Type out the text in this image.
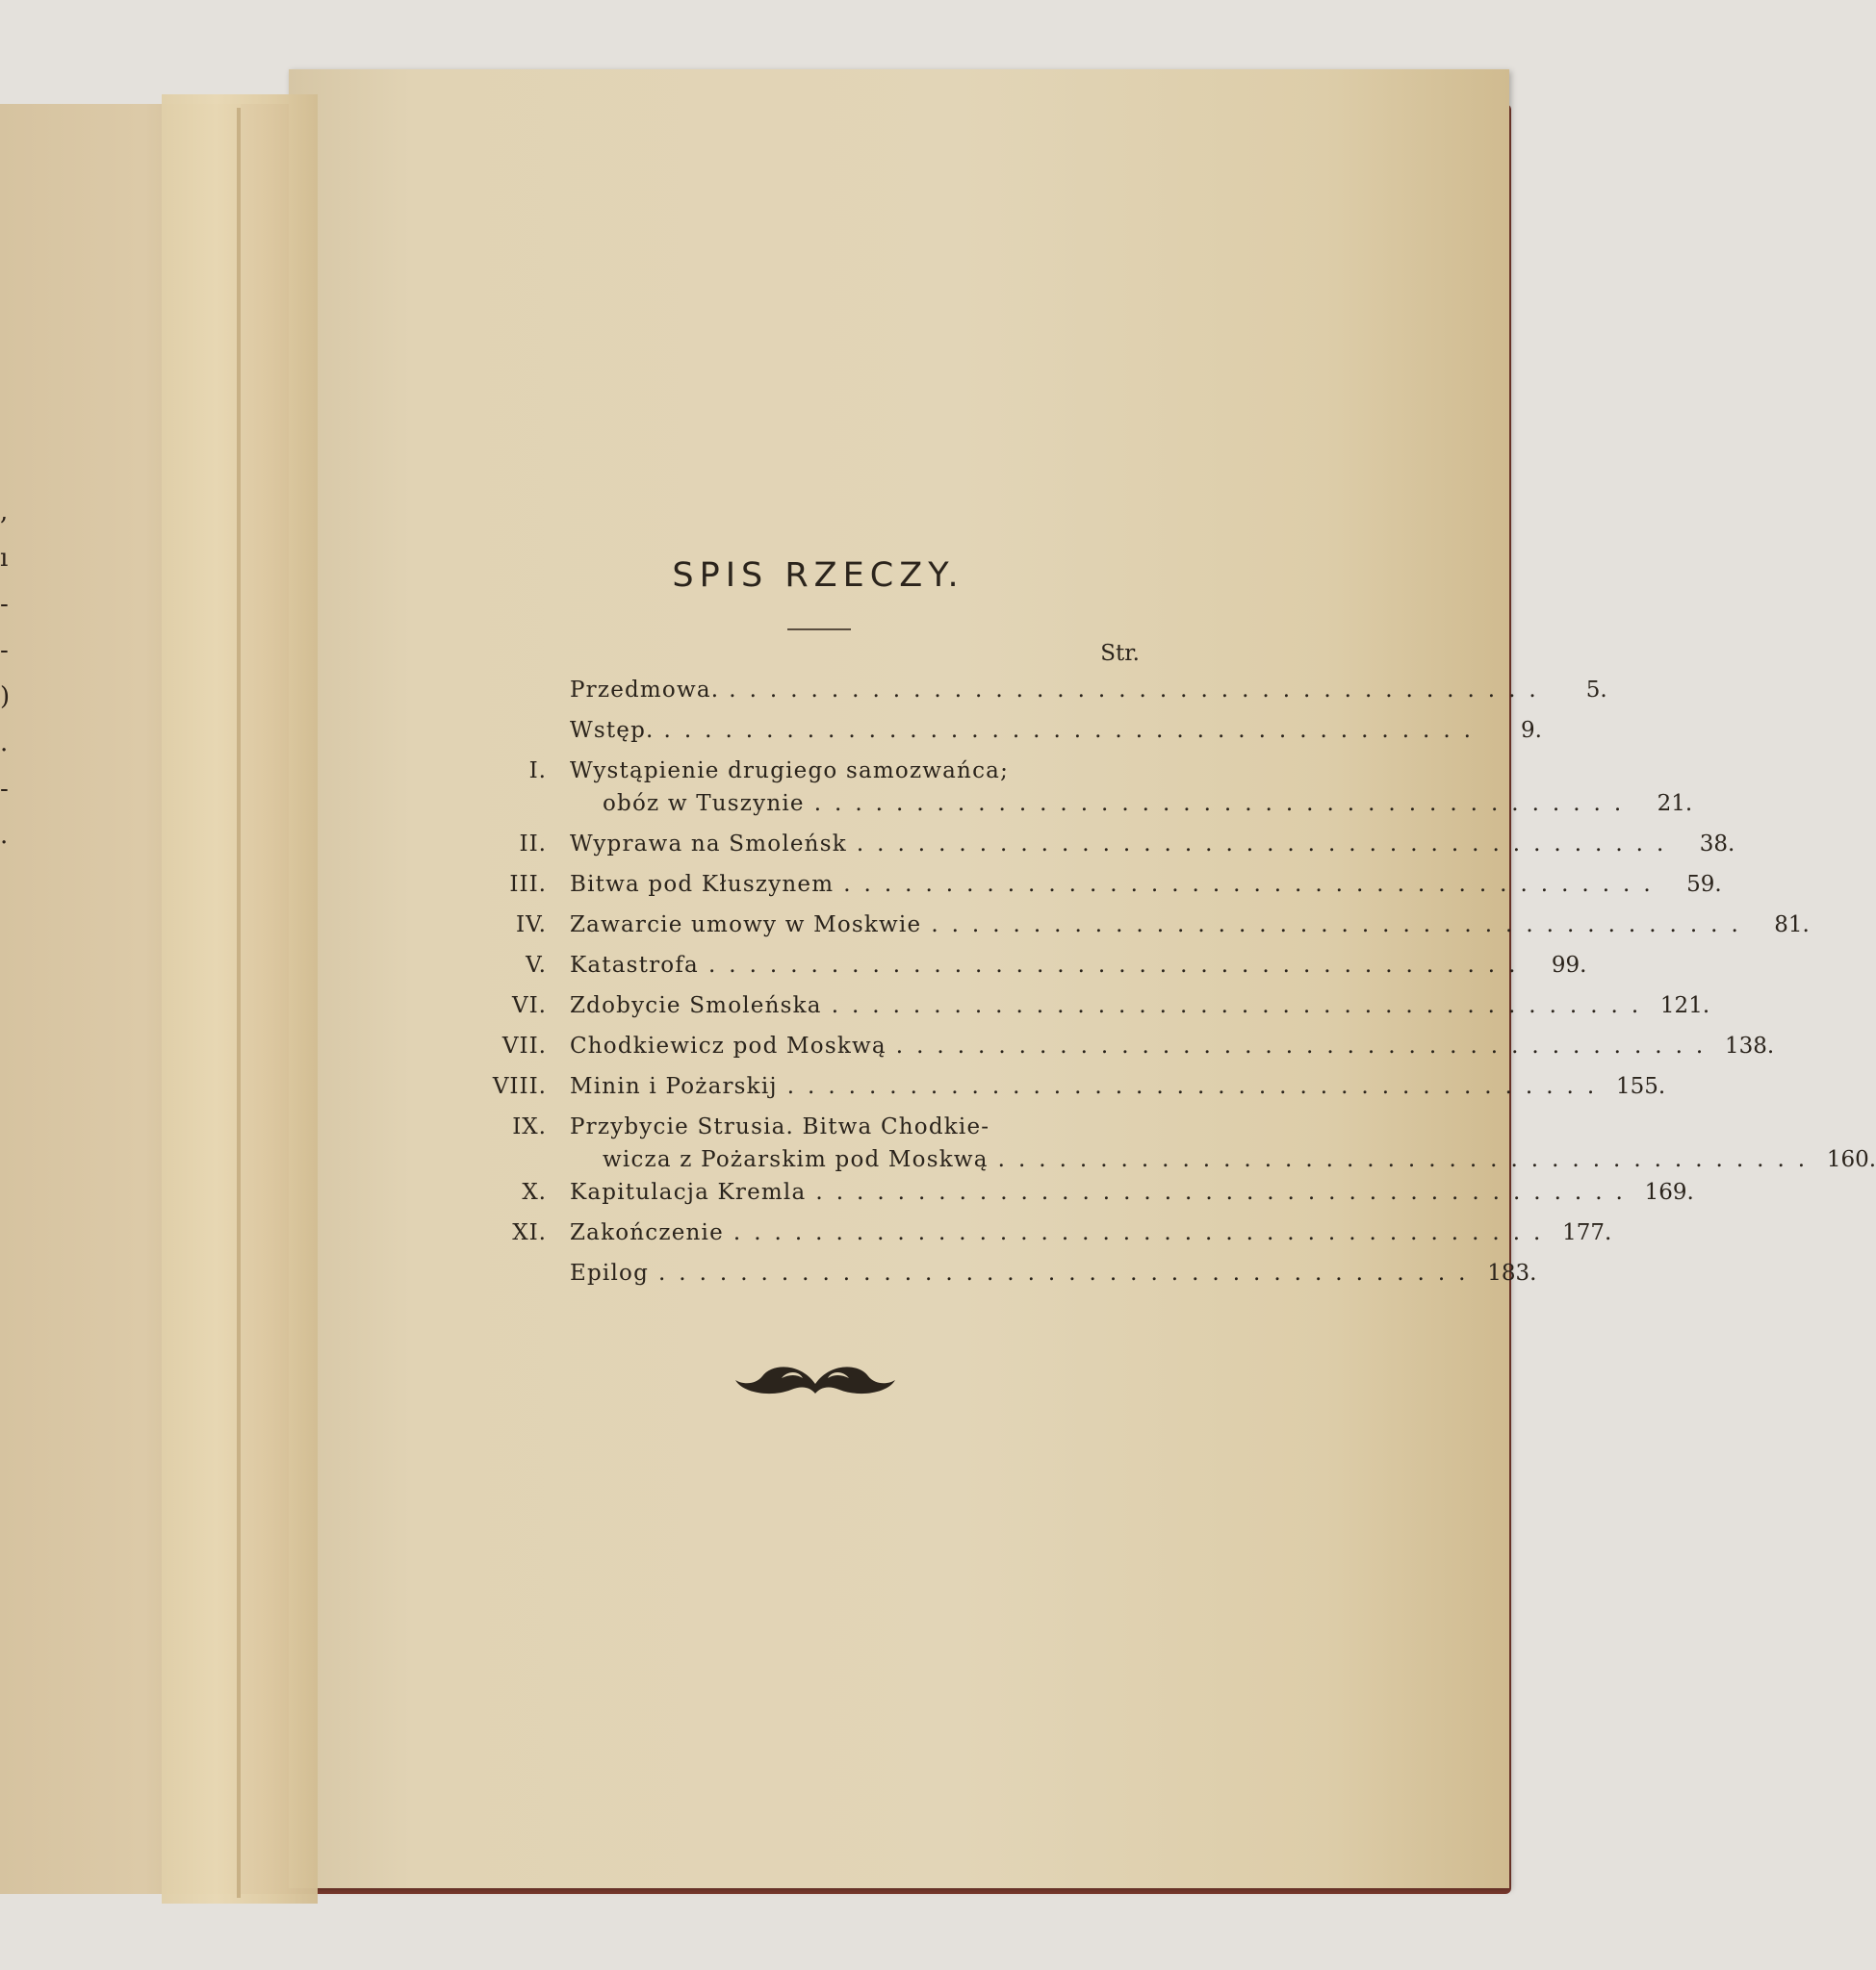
,
ı
-
-
)
.
-
.
SPIS RZECZY.
Str.
Przedmowa. ........................................	5.
Wstęp. ........................................	9.
I.	Wystąpienie drugiego samozwańca;
obóz w Tuszynie ........................................	21.
II.	Wyprawa na Smoleńsk ........................................	38.
III.	Bitwa pod Kłuszynem ........................................	59.
IV.	Zawarcie umowy w Moskwie ........................................	81.
V.	Katastrofa ........................................	99.
VI.	Zdobycie Smoleńska ........................................ 121.
VII.	Chodkiewicz pod Moskwą ........................................ 138.
VIII.	Minin i Pożarskij ........................................ 155.
IX.	Przybycie Strusia. Bitwa Chodkie-
wicza z Pożarskim pod Moskwą ........................................ 160.
X.	Kapitulacja Kremla ........................................ 169.
XI.	Zakończenie ........................................ 177.
Epilog ........................................ 183.
